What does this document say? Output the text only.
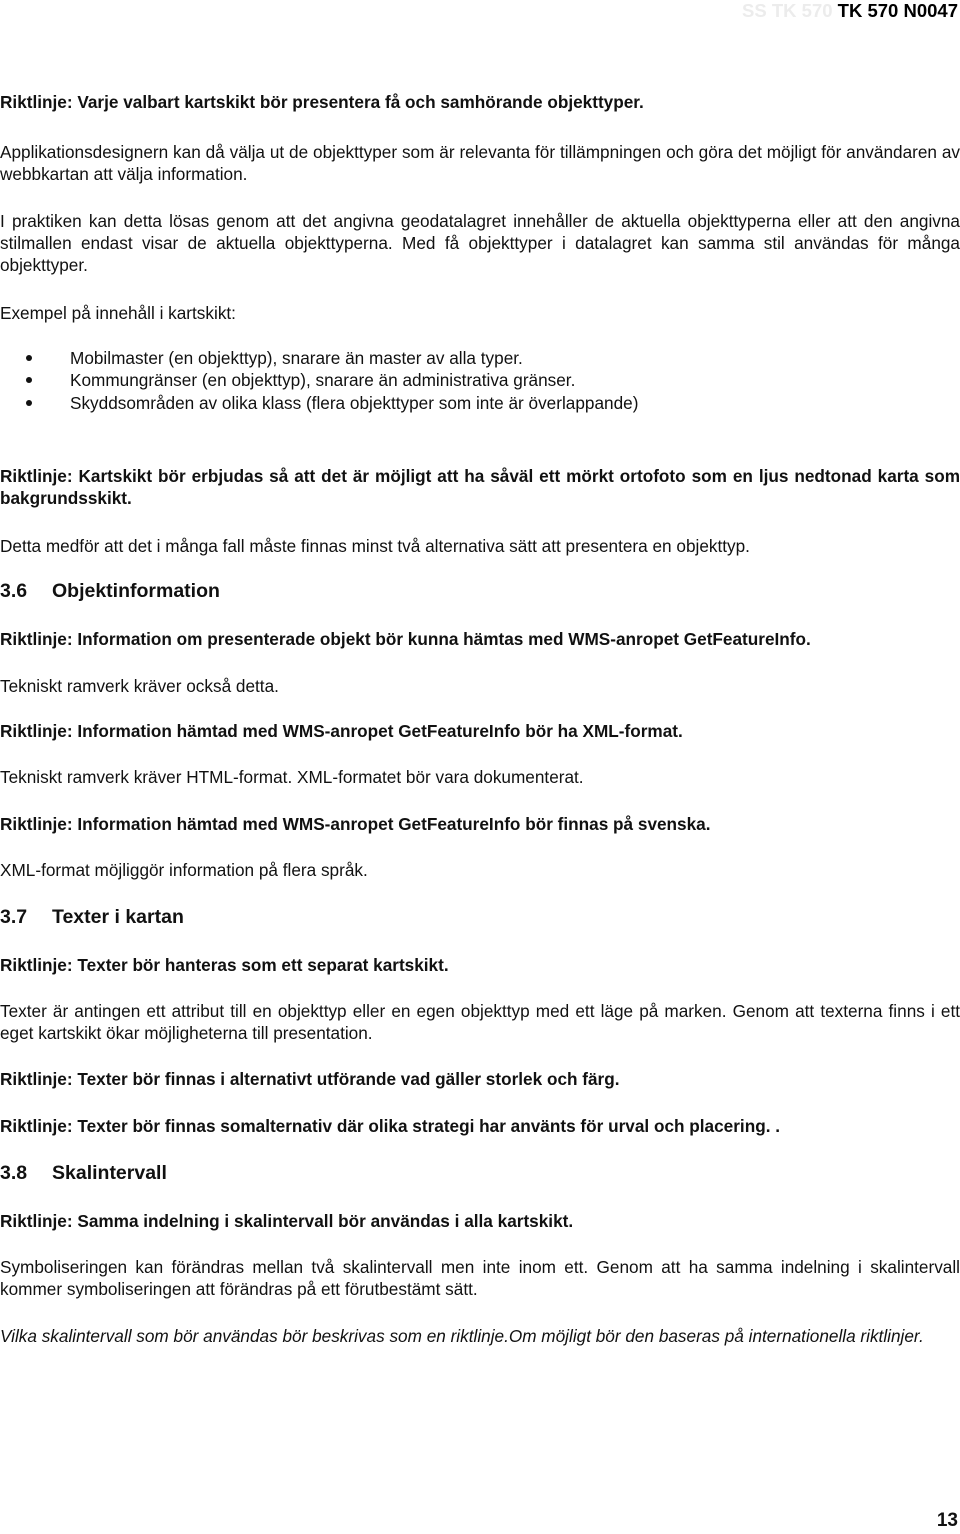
SS TK 570 TK 570 N0047

Riktlinje: Varje valbart kartskikt bör presentera få och samhörande objekttyper.

Applikationsdesignern kan då välja ut de objekttyper som är relevanta för tillämpningen och göra det möjligt för användaren av webbkartan att välja information.

I praktiken kan detta lösas genom att det angivna geodatalagret innehåller de aktuella objekttyperna eller att den angivna stilmallen endast visar de aktuella objekttyperna. Med få objekttyper i datalagret kan samma stil användas för många objekttyper.

Exempel på innehåll i kartskikt:

Mobilmaster (en objekttyp), snarare än master av alla typer.
Kommungränser (en objekttyp), snarare än administrativa gränser.
Skyddsområden av olika klass (flera objekttyper som inte är överlappande)

Riktlinje: Kartskikt bör erbjudas så att det är möjligt att ha såväl ett mörkt ortofoto som en ljus nedtonad karta som bakgrundsskikt.

Detta medför att det i många fall måste finnas minst två alternativa sätt att presentera en objekttyp.

3.6 Objektinformation

Riktlinje: Information om presenterade objekt bör kunna hämtas med WMS-anropet GetFeatureInfo.

Tekniskt ramverk kräver också detta.

Riktlinje: Information hämtad med WMS-anropet GetFeatureInfo bör ha XML-format.

Tekniskt ramverk kräver HTML-format. XML-formatet bör vara dokumenterat.

Riktlinje: Information hämtad med WMS-anropet GetFeatureInfo bör finnas på svenska.

XML-format möjliggör information på flera språk.

3.7 Texter i kartan

Riktlinje: Texter bör hanteras som ett separat kartskikt.

Texter är antingen ett attribut till en objekttyp eller en egen objekttyp med ett läge på marken. Genom att texterna finns i ett eget kartskikt ökar möjligheterna till presentation.

Riktlinje: Texter bör finnas i alternativt utförande vad gäller storlek och färg.

Riktlinje: Texter bör finnas somalternativ där olika strategi har använts för urval och placering. .

3.8 Skalintervall

Riktlinje: Samma indelning i skalintervall bör användas i alla kartskikt.

Symboliseringen kan förändras mellan två skalintervall men inte inom ett. Genom att ha samma indelning i skalintervall kommer symboliseringen att förändras på ett förutbestämt sätt.

Vilka skalintervall som bör användas bör beskrivas som en riktlinje.Om möjligt bör den baseras på internationella riktlinjer.

13
